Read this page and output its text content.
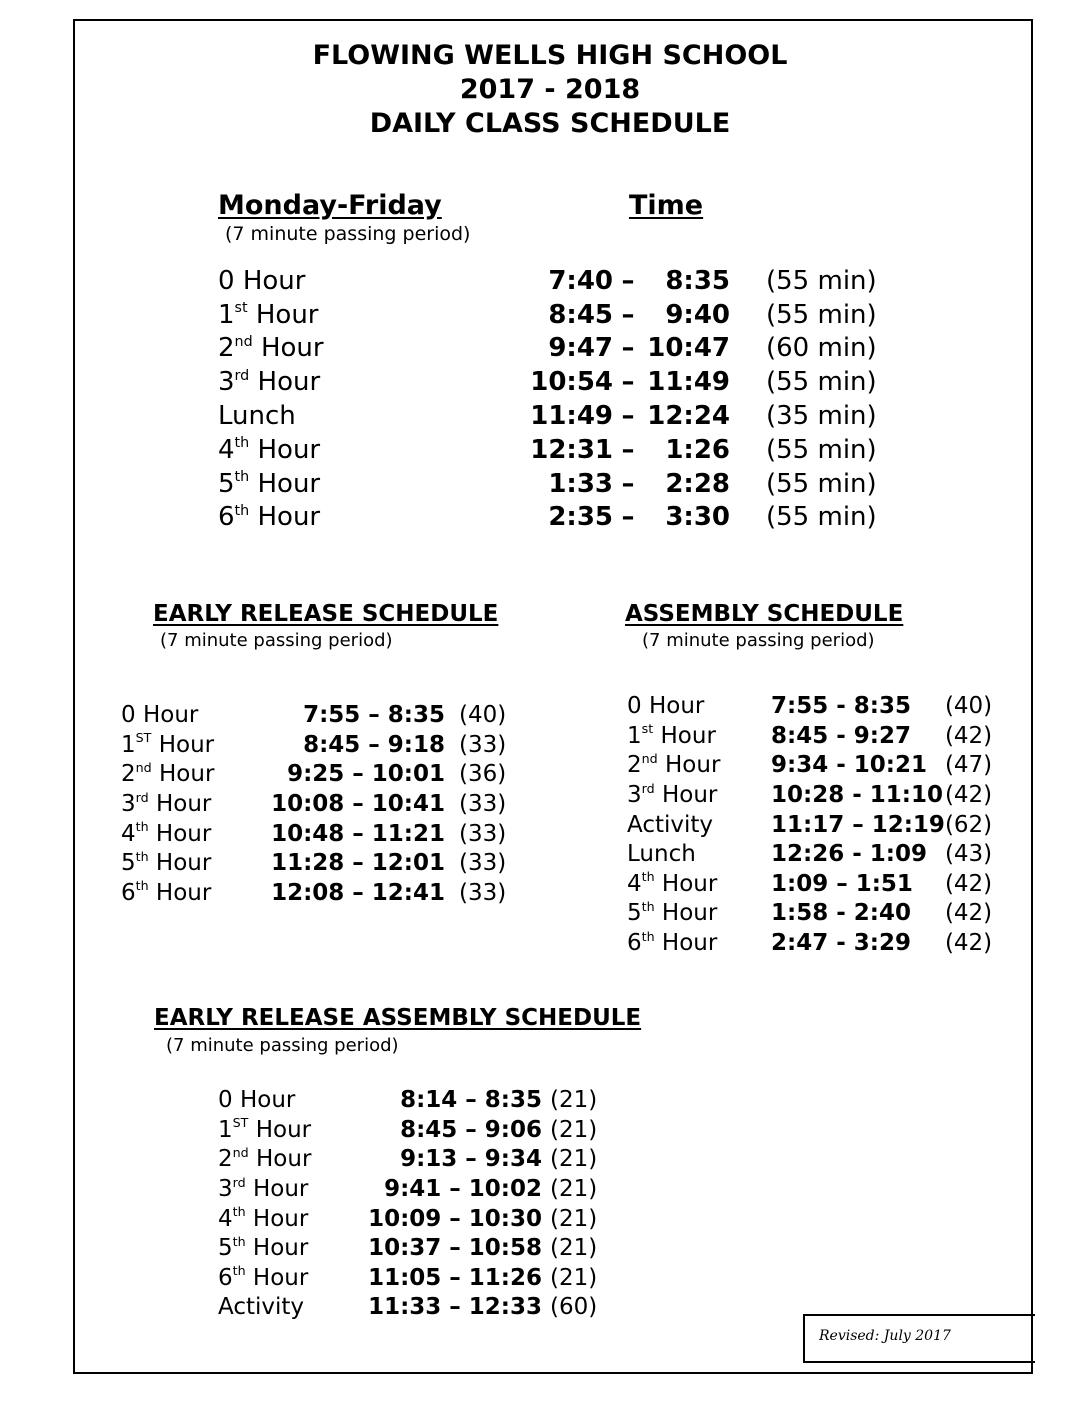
FLOWING WELLS HIGH SCHOOL
2017 - 2018
DAILY CLASS SCHEDULE
Monday-Friday	Time
(7 minute passing period)
0 Hour	7:40	–	8:35	(55 min)
1st Hour	8:45	–	9:40	(55 min)
2nd Hour	9:47	–	10:47	(60 min)
3rd Hour	10:54	–	11:49	(55 min)
Lunch	11:49	–	12:24	(35 min)
4th Hour	12:31	–	1:26	(55 min)
5th Hour	1:33	–	2:28	(55 min)
6th Hour	2:35	–	3:30	(55 min)
EARLY RELEASE SCHEDULE
(7 minute passing period)
0 Hour	7:55 – 8:35	(40)
1ST Hour	8:45 – 9:18	(33)
2nd Hour	9:25 – 10:01	(36)
3rd Hour	10:08 – 10:41	(33)
4th Hour	10:48 – 11:21	(33)
5th Hour	11:28 – 12:01	(33)
6th Hour	12:08 – 12:41	(33)
ASSEMBLY SCHEDULE
(7 minute passing period)
0 Hour	7:55 - 8:35	(40)
1st Hour	8:45 - 9:27	(42)
2nd Hour	9:34 - 10:21	(47)
3rd Hour	10:28 - 11:10	(42)
Activity	11:17 – 12:19	(62)
Lunch	12:26 - 1:09	(43)
4th Hour	1:09 – 1:51	(42)
5th Hour	1:58 - 2:40	(42)
6th Hour	2:47 - 3:29	(42)
EARLY RELEASE ASSEMBLY SCHEDULE
(7 minute passing period)
0 Hour	8:14 – 8:35	(21)
1ST Hour	8:45 – 9:06	(21)
2nd Hour	9:13 – 9:34	(21)
3rd Hour	9:41 – 10:02	(21)
4th Hour	10:09 – 10:30	(21)
5th Hour	10:37 – 10:58	(21)
6th Hour	11:05 – 11:26	(21)
Activity	11:33 – 12:33	(60)
Revised: July 2017
